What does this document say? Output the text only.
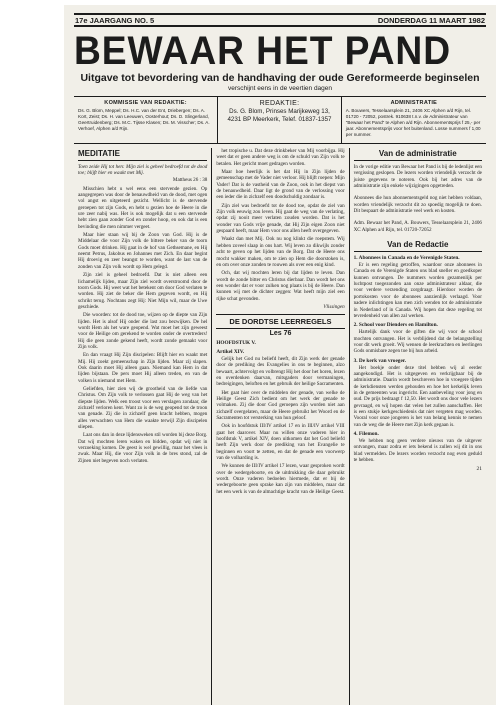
17e JAARGANG NO. 5	DONDERDAG 11 MAART 1982
BEWAAR HET PAND
Uitgave tot bevordering van de handhaving der oude Gereformeerde beginselen
verschijnt eens in de veertien dagen
KOMMISSIE VAN REDAKTIE:
Ds. G. Blom, Meppel; Ds. H.C. van der Ent, Driebergen; Ds. A. Kort, Zeist; Ds. H. van Leeuwen, Oosterhout; Ds. D. Slingerland, Geertruidenberg; Ds. M.C. Tijsse Klasen; Ds. M. Visscher; Ds. A. Verhoef, Alphen a/d Rijn.
REDAKTIE:
Ds. G. Blom, Prinses Marijkeweg 13,
4231 BP Meerkerk, Telef. 01837-1357
ADMINISTRATIE
A. Bouwers, Tesselaarsplein 21, 2406 XC Alphen a/d Rijn, tel. 01720 - 72052, postrek. 910638 t.n.v. de Administrateur van "Bewaar het Pand" te Alphen a/d Rijn. Abonnementsprijs f 25,- per jaar. Abonnementsprijs voor het buitenland. Losse nummers f 1,00 per nummer.
MEDITATIE

Toen zeide Hij tot hen: Mijn ziel is geheel bedroefd tot de dood toe; blijft hier en waakt met Mij.

Mattheus 26 : 38

Misschien hebt u wel eens een stervende gezien. Op aangegrepen was door de benauwdheid van de dood, met ogen vol angst en uitgeteerd gezicht. Wellicht is de stervende geroepen tot zijn Gods, en hebt u gezien hoe de Heere in die ure zeer nabij was. Het is ook mogelijk dat u een stervende hebt zien gaan zonder God en zonder hoop, en ook dat is een bevinding die men nimmer vergeet.

Maar hier staan wij bij de Zoon van God. Hij is de Middelaar die voor Zijn volk de bittere beker van de toorn Gods moet drinken. Hij gaat in de hof van Gethsemane, en Hij neemt Petrus, Jakobus en Johannes met Zich. En daar begint Hij droevig en zeer beangst te worden, want de last van de zonden van Zijn volk wordt op Hem gelegd.

Zijn ziel is geheel bedroefd. Dat is niet alleen een lichamelijk lijden, maar Zijn ziel wordt overstroomd door de toorn Gods. Hij weet wat het betekent om door God verlaten te worden. Hij ziet de beker die Hem gegeven wordt, en Hij schrikt terug. Nochtans zegt Hij: Niet Mijn wil, maar de Uwe geschiede.

Die woorden: tot de dood toe, wijzen op de diepte van Zijn lijden. Het is alsof Hij onder die last zou bezwijken. De hel wordt Hem als het ware geopend. Wat moet het zijn geweest voor de Heilige om gerekend te worden onder de overtreders! Hij die geen zonde gekend heeft, wordt zonde gemaakt voor Zijn volk.

En dan vraagt Hij Zijn discipelen: Blijft hier en waakt met Mij. Hij zoekt gemeenschap in Zijn lijden. Maar zij slapen. Ook daarin moet Hij alleen gaan. Niemand kan Hem in dat lijden bijstaan. De pers moet Hij alleen treden, en van de volken is niemand met Hem.

Geliefden, hier zien wij de grootheid van de liefde van Christus. Om Zijn volk te verlossen gaat Hij de weg van het diepste lijden. Welk een troost voor een verslagen zondaar, die zichzelf verloren kent. Want zo is de weg geopend tot de troon van genade. Zij die in zichzelf geen kracht hebben, mogen alles verwachten van Hem die waakte terwijl Zijn discipelen sliepen.

Laat ons dan in deze lijdensweken stil worden bij deze Borg. Dat wij mochten leren waken en bidden, opdat wij niet in verzoeking komen. De geest is wel gewillig, maar het vlees is zwak. Maar Hij, die voor Zijn volk in de bres stond, zal de Zijnen niet begeven noch verlaten.

het tropische u. Dat deze drinkbeker van Mij voorbijga. Hij weet dat er geen andere weg is om de schuld van Zijn volk te betalen. Het gericht moet gedragen worden.

Maar hoe heerlijk is het dat Hij in Zijn lijden de gemeenschap met de Vader niet verloor. Hij blijft roepen: Mijn Vader! Dat is de vastheid van de Zoon, ook in het diepst van de benauwdheid. Daar ligt de grond van de verlossing voor een ieder die in zichzelf een doodschuldig zondaar is.

Zijn ziel was bedroefd tot de dood toe, opdat de ziel van Zijn volk eeuwig zou leven. Hij gaat de weg van de verlating, opdat zij nooit meer verlaten zouden worden. Dat is het wonder van Gods vrije genade, dat Hij Zijn eigen Zoon niet gespaard heeft, maar Hem voor ons allen heeft overgegeven.

Waakt dan met Mij. Ook nu nog klinkt die roepstem. Wij hebben zoveel slaap in ons hart. Wij leven zo dikwijls zonder acht te geven op het lijden van de Borg. Dat de Heere ons mocht wakker maken, om te zien op Hem die doorstoken is, en om over onze zonden te rouwen als over een enig kind.

Och, dat wij mochten leren bij dat lijden te leven. Dan wordt de zonde bitter en Christus dierbaar. Dan wordt het ons een wonder dat er voor zulken nog plaats is bij de Heere. Dan kunnen wij met de dichter zeggen: Wat heeft mijn ziel een rijke schat gevonden.

Vlissingen
DE DORDTSE LEERREGELS
Les 76
HOOFDSTUK V.
Artikel XIV.

Gelijk het God nu beliefd heeft, dit Zijn werk der genade door de prediking des Evangelies in ons te beginnen, alzo bewaart, achtervolgt en volbrengt Hij het door het horen, lezen en overdenken daarvan, mitsgaders door vermaningen, bedreigingen, beloften en het gebruik der heilige Sacramenten.

Het gaat hier over de middelen der genade, van welke de Heilige Geest Zich bedient om het werk der genade te volmaken. Zij die door God geroepen zijn worden niet aan zichzelf overgelaten, maar de Heere gebruikt het Woord en de Sacramenten tot versterking van hun geloof.

Ook in hoofdstuk III/IV artikel 17 en in III/IV artikel VIII gaat het daarover. Maar nu willen onze vaderen hier in hoofdstuk V, artikel XIV, doen uitkomen dat het God beliefd heeft Zijn werk door de prediking van het Evangelie te beginnen en voort te zetten, en dat de genade een voorwerp van de volharding is.

We kunnen de III/IV artikel 17 lezen, waar gesproken wordt over de wedergeboorte, en de uitdrukking die daar gebruikt wordt. Onze vaderen bedoelen hiermede, dat er bij de wedergeboorte geen sprake kan zijn van middelen, maar dat het een werk is van de almachtige kracht van de Heilige Geest.

Van de administratie

In de vorige editie van Bewaar het Pand is bij de ledenlijst een vergissing geslopen. De lezers worden vriendelijk verzocht de juiste gegevens te noteren. Ook bij het adres van de administratie zijn enkele wijzigingen opgetreden.

Abonnees die hun abonnementsgeld nog niet hebben voldaan, worden vriendelijk verzocht dit zo spoedig mogelijk te doen. Dit bespaart de administratie veel werk en kosten.

Adm. Bewaar het Pand, A. Bouwers, Tesselaarsplein 21, 2406 XC Alphen a/d Rijn, tel. 01720-72052

Van de Redactie
1. Abonnees in Canada en de Verenigde Staten.

Er is een regeling getroffen, waardoor onze abonnees in Canada en de Verenigde Staten ons blad sneller en goedkoper kunnen ontvangen. De nummers worden gezamenlijk per luchtpost toegezonden aan onze administrateur aldaar, die voor verdere verzending zorgdraagt. Hierdoor worden de portokosten voor de abonnees aanzienlijk verlaagd. Voor nadere inlichtingen kan men zich wenden tot de administratie in Nederland of in Canada. Wij hopen dat deze regeling tot tevredenheid van allen zal werken.

2. School voor Dienders en Hamilton.

Hartelijk dank voor de giften die wij voor de school mochten ontvangen. Het is verblijdend dat de belangstelling voor dit werk groeit. Wij wensen de leerkrachten en leerlingen Gods onmisbare zegen toe bij hun arbeid.

3. De kerk van vroeger.

Het boekje onder deze titel hebben wij al eerder aangekondigd. Het is uitgegeven en verkrijgbaar bij de administratie. Daarin wordt beschreven hoe in vroegere tijden de kerkdiensten werden gehouden en hoe het kerkelijk leven in de gemeenten was ingericht. Een aanbeveling voor jong en oud. De prijs bedraagt f 12,50. Het wordt ons door vele lezers gevraagd, en wij hopen dat velen het zullen aanschaffen. Het is een stukje kerkgeschiedenis dat niet vergeten mag worden. Vooral voor onze jongeren is het van belang kennis te nemen van de weg die de Heere met Zijn kerk gegaan is.

4. Filemon.

We hebben nog geen verdere nieuws van de uitgever ontvangen, maar zodra er iets bekend is zullen wij dit in ons blad vermelden. De lezers worden verzocht nog even geduld te hebben.

21
